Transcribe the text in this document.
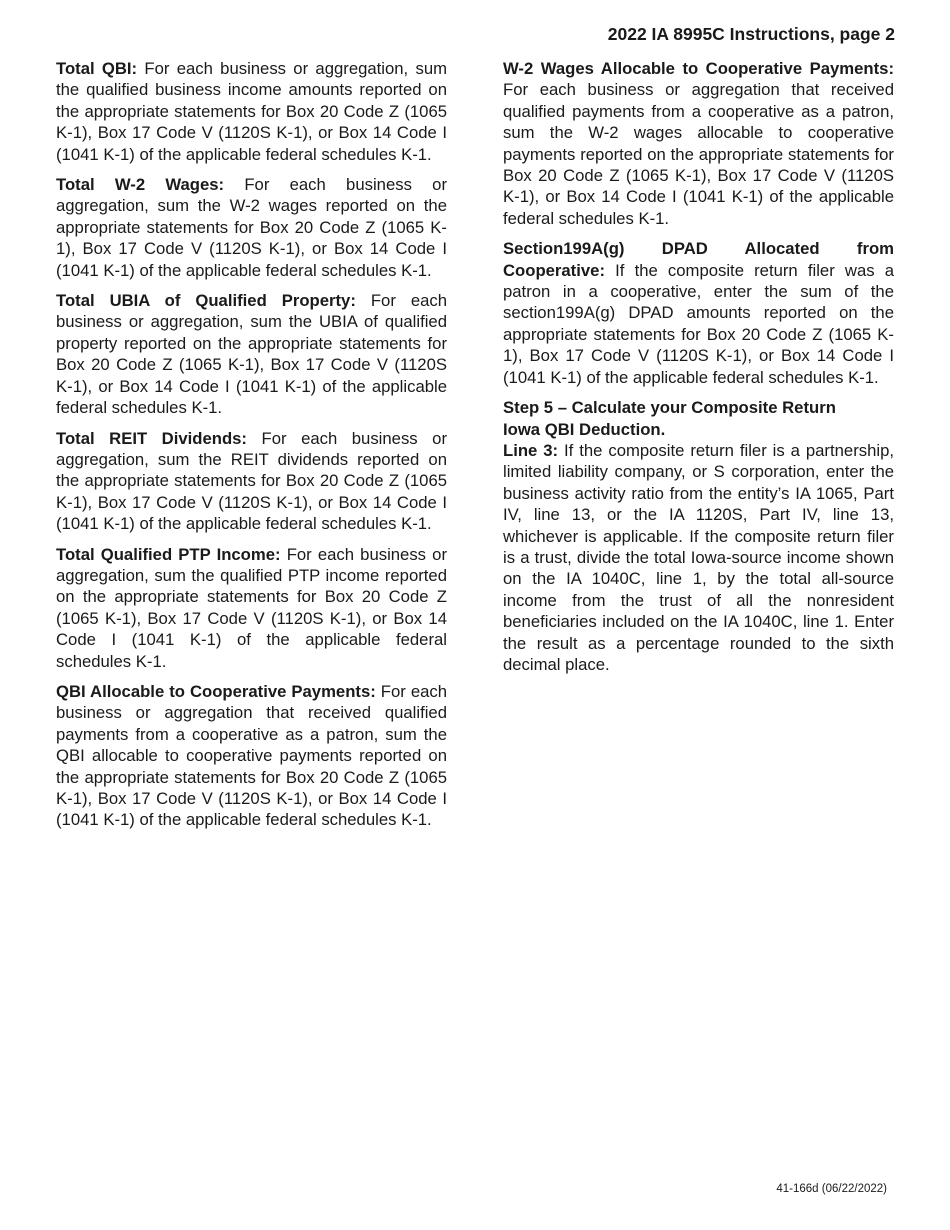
2022 IA 8995C Instructions, page 2

Total QBI: For each business or aggregation, sum the qualified business income amounts reported on the appropriate statements for Box 20 Code Z (1065 K-1), Box 17 Code V (1120S K-1), or Box 14 Code I (1041 K-1) of the applicable federal schedules K-1.

Total W-2 Wages: For each business or aggregation, sum the W-2 wages reported on the appropriate statements for Box 20 Code Z (1065 K-1), Box 17 Code V (1120S K-1), or Box 14 Code I (1041 K-1) of the applicable federal schedules K-1.

Total UBIA of Qualified Property: For each business or aggregation, sum the UBIA of qualified property reported on the appropriate statements for Box 20 Code Z (1065 K-1), Box 17 Code V (1120S K-1), or Box 14 Code I (1041 K-1) of the applicable federal schedules K-1.

Total REIT Dividends: For each business or aggregation, sum the REIT dividends reported on the appropriate statements for Box 20 Code Z (1065 K-1), Box 17 Code V (1120S K-1), or Box 14 Code I (1041 K-1) of the applicable federal schedules K-1.

Total Qualified PTP Income: For each business or aggregation, sum the qualified PTP income reported on the appropriate statements for Box 20 Code Z (1065 K-1), Box 17 Code V (1120S K-1), or Box 14 Code I (1041 K-1) of the applicable federal schedules K-1.

QBI Allocable to Cooperative Payments: For each business or aggregation that received qualified payments from a cooperative as a patron, sum the QBI allocable to cooperative payments reported on the appropriate statements for Box 20 Code Z (1065 K-1), Box 17 Code V (1120S K-1), or Box 14 Code I (1041 K-1) of the applicable federal schedules K-1.

W-2 Wages Allocable to Cooperative Payments: For each business or aggregation that received qualified payments from a cooperative as a patron, sum the W-2 wages allocable to cooperative payments reported on the appropriate statements for Box 20 Code Z (1065 K-1), Box 17 Code V (1120S K-1), or Box 14 Code I (1041 K-1) of the applicable federal schedules K-1.

Section199A(g) DPAD Allocated from Cooperative: If the composite return filer was a patron in a cooperative, enter the sum of the section199A(g) DPAD amounts reported on the appropriate statements for Box 20 Code Z (1065 K-1), Box 17 Code V (1120S K-1), or Box 14 Code I (1041 K-1) of the applicable federal schedules K-1.

Step 5 – Calculate your Composite Return
Iowa QBI Deduction.

Line 3: If the composite return filer is a partnership, limited liability company, or S corporation, enter the business activity ratio from the entity’s IA 1065, Part IV, line 13, or the IA 1120S, Part IV, line 13, whichever is applicable. If the composite return filer is a trust, divide the total Iowa-source income shown on the IA 1040C, line 1, by the total all-source income from the trust of all the nonresident beneficiaries included on the IA 1040C, line 1. Enter the result as a percentage rounded to the sixth decimal place.

41-166d (06/22/2022)
